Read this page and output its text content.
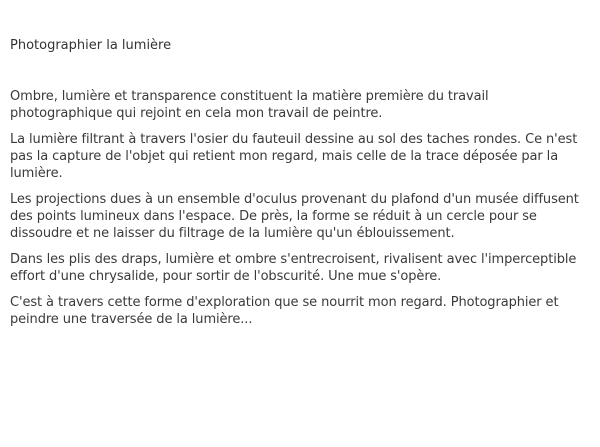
Photographier la lumière

Ombre, lumière et transparence constituent la matière première du travail photographique qui rejoint en cela mon travail de peintre.

La lumière filtrant à travers l'osier du fauteuil dessine au sol des taches rondes. Ce n'est pas la capture de l'objet qui retient mon regard, mais celle de la trace déposée par la lumière.

Les projections dues à un ensemble d'oculus provenant du plafond d'un musée diffusent des points lumineux dans l'espace. De près, la forme se réduit à un cercle pour se dissoudre et ne laisser du filtrage de la lumière qu'un éblouissement.

Dans les plis des draps, lumière et ombre s'entrecroisent, rivalisent avec l'imperceptible effort d'une chrysalide, pour sortir de l'obscurité. Une mue s'opère.

C'est à travers cette forme d'exploration que se nourrit mon regard. Photographier et peindre une traversée de la lumière...
